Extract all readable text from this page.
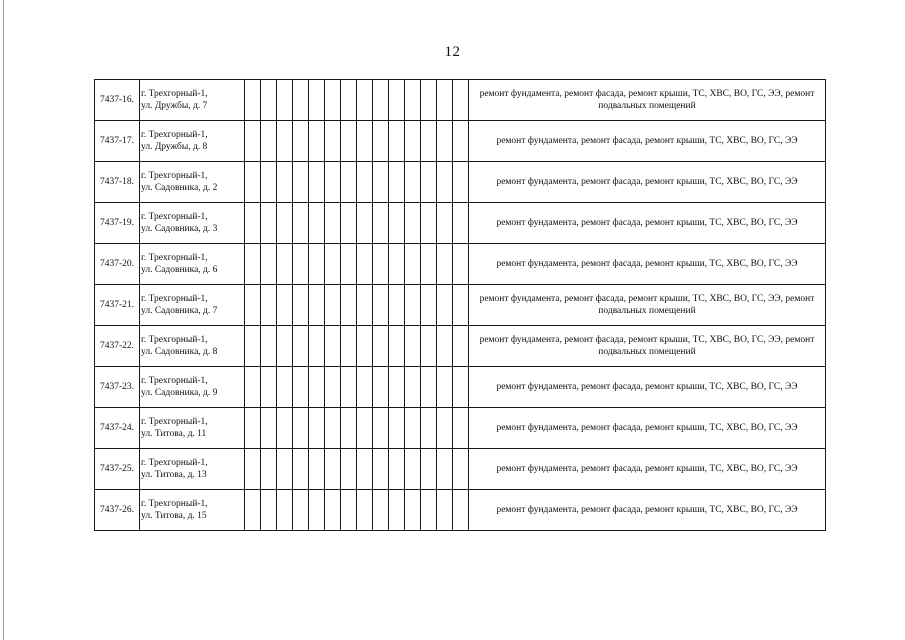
12
7437-16.	г. Трехгорный-1,
ул. Дружбы, д. 7															ремонт фундамента, ремонт фасада, ремонт крыши, ТС, ХВС, ВО, ГС, ЭЭ, ремонт подвальных помещений
7437-17.	г. Трехгорный-1,
ул. Дружбы, д. 8															ремонт фундамента, ремонт фасада, ремонт крыши, ТС, ХВС, ВО, ГС, ЭЭ
7437-18.	г. Трехгорный-1,
ул. Садовника, д. 2															ремонт фундамента, ремонт фасада, ремонт крыши, ТС, ХВС, ВО, ГС, ЭЭ
7437-19.	г. Трехгорный-1,
ул. Садовника, д. 3															ремонт фундамента, ремонт фасада, ремонт крыши, ТС, ХВС, ВО, ГС, ЭЭ
7437-20.	г. Трехгорный-1,
ул. Садовника, д. 6															ремонт фундамента, ремонт фасада, ремонт крыши, ТС, ХВС, ВО, ГС, ЭЭ
7437-21.	г. Трехгорный-1,
ул. Садовника, д. 7															ремонт фундамента, ремонт фасада, ремонт крыши, ТС, ХВС, ВО, ГС, ЭЭ, ремонт подвальных помещений
7437-22.	г. Трехгорный-1,
ул. Садовника, д. 8															ремонт фундамента, ремонт фасада, ремонт крыши, ТС, ХВС, ВО, ГС, ЭЭ, ремонт подвальных помещений
7437-23.	г. Трехгорный-1,
ул. Садовника, д. 9															ремонт фундамента, ремонт фасада, ремонт крыши, ТС, ХВС, ВО, ГС, ЭЭ
7437-24.	г. Трехгорный-1,
ул. Титова, д. 11															ремонт фундамента, ремонт фасада, ремонт крыши, ТС, ХВС, ВО, ГС, ЭЭ
7437-25.	г. Трехгорный-1,
ул. Титова, д. 13															ремонт фундамента, ремонт фасада, ремонт крыши, ТС, ХВС, ВО, ГС, ЭЭ
7437-26.	г. Трехгорный-1,
ул. Титова, д. 15															ремонт фундамента, ремонт фасада, ремонт крыши, ТС, ХВС, ВО, ГС, ЭЭ
